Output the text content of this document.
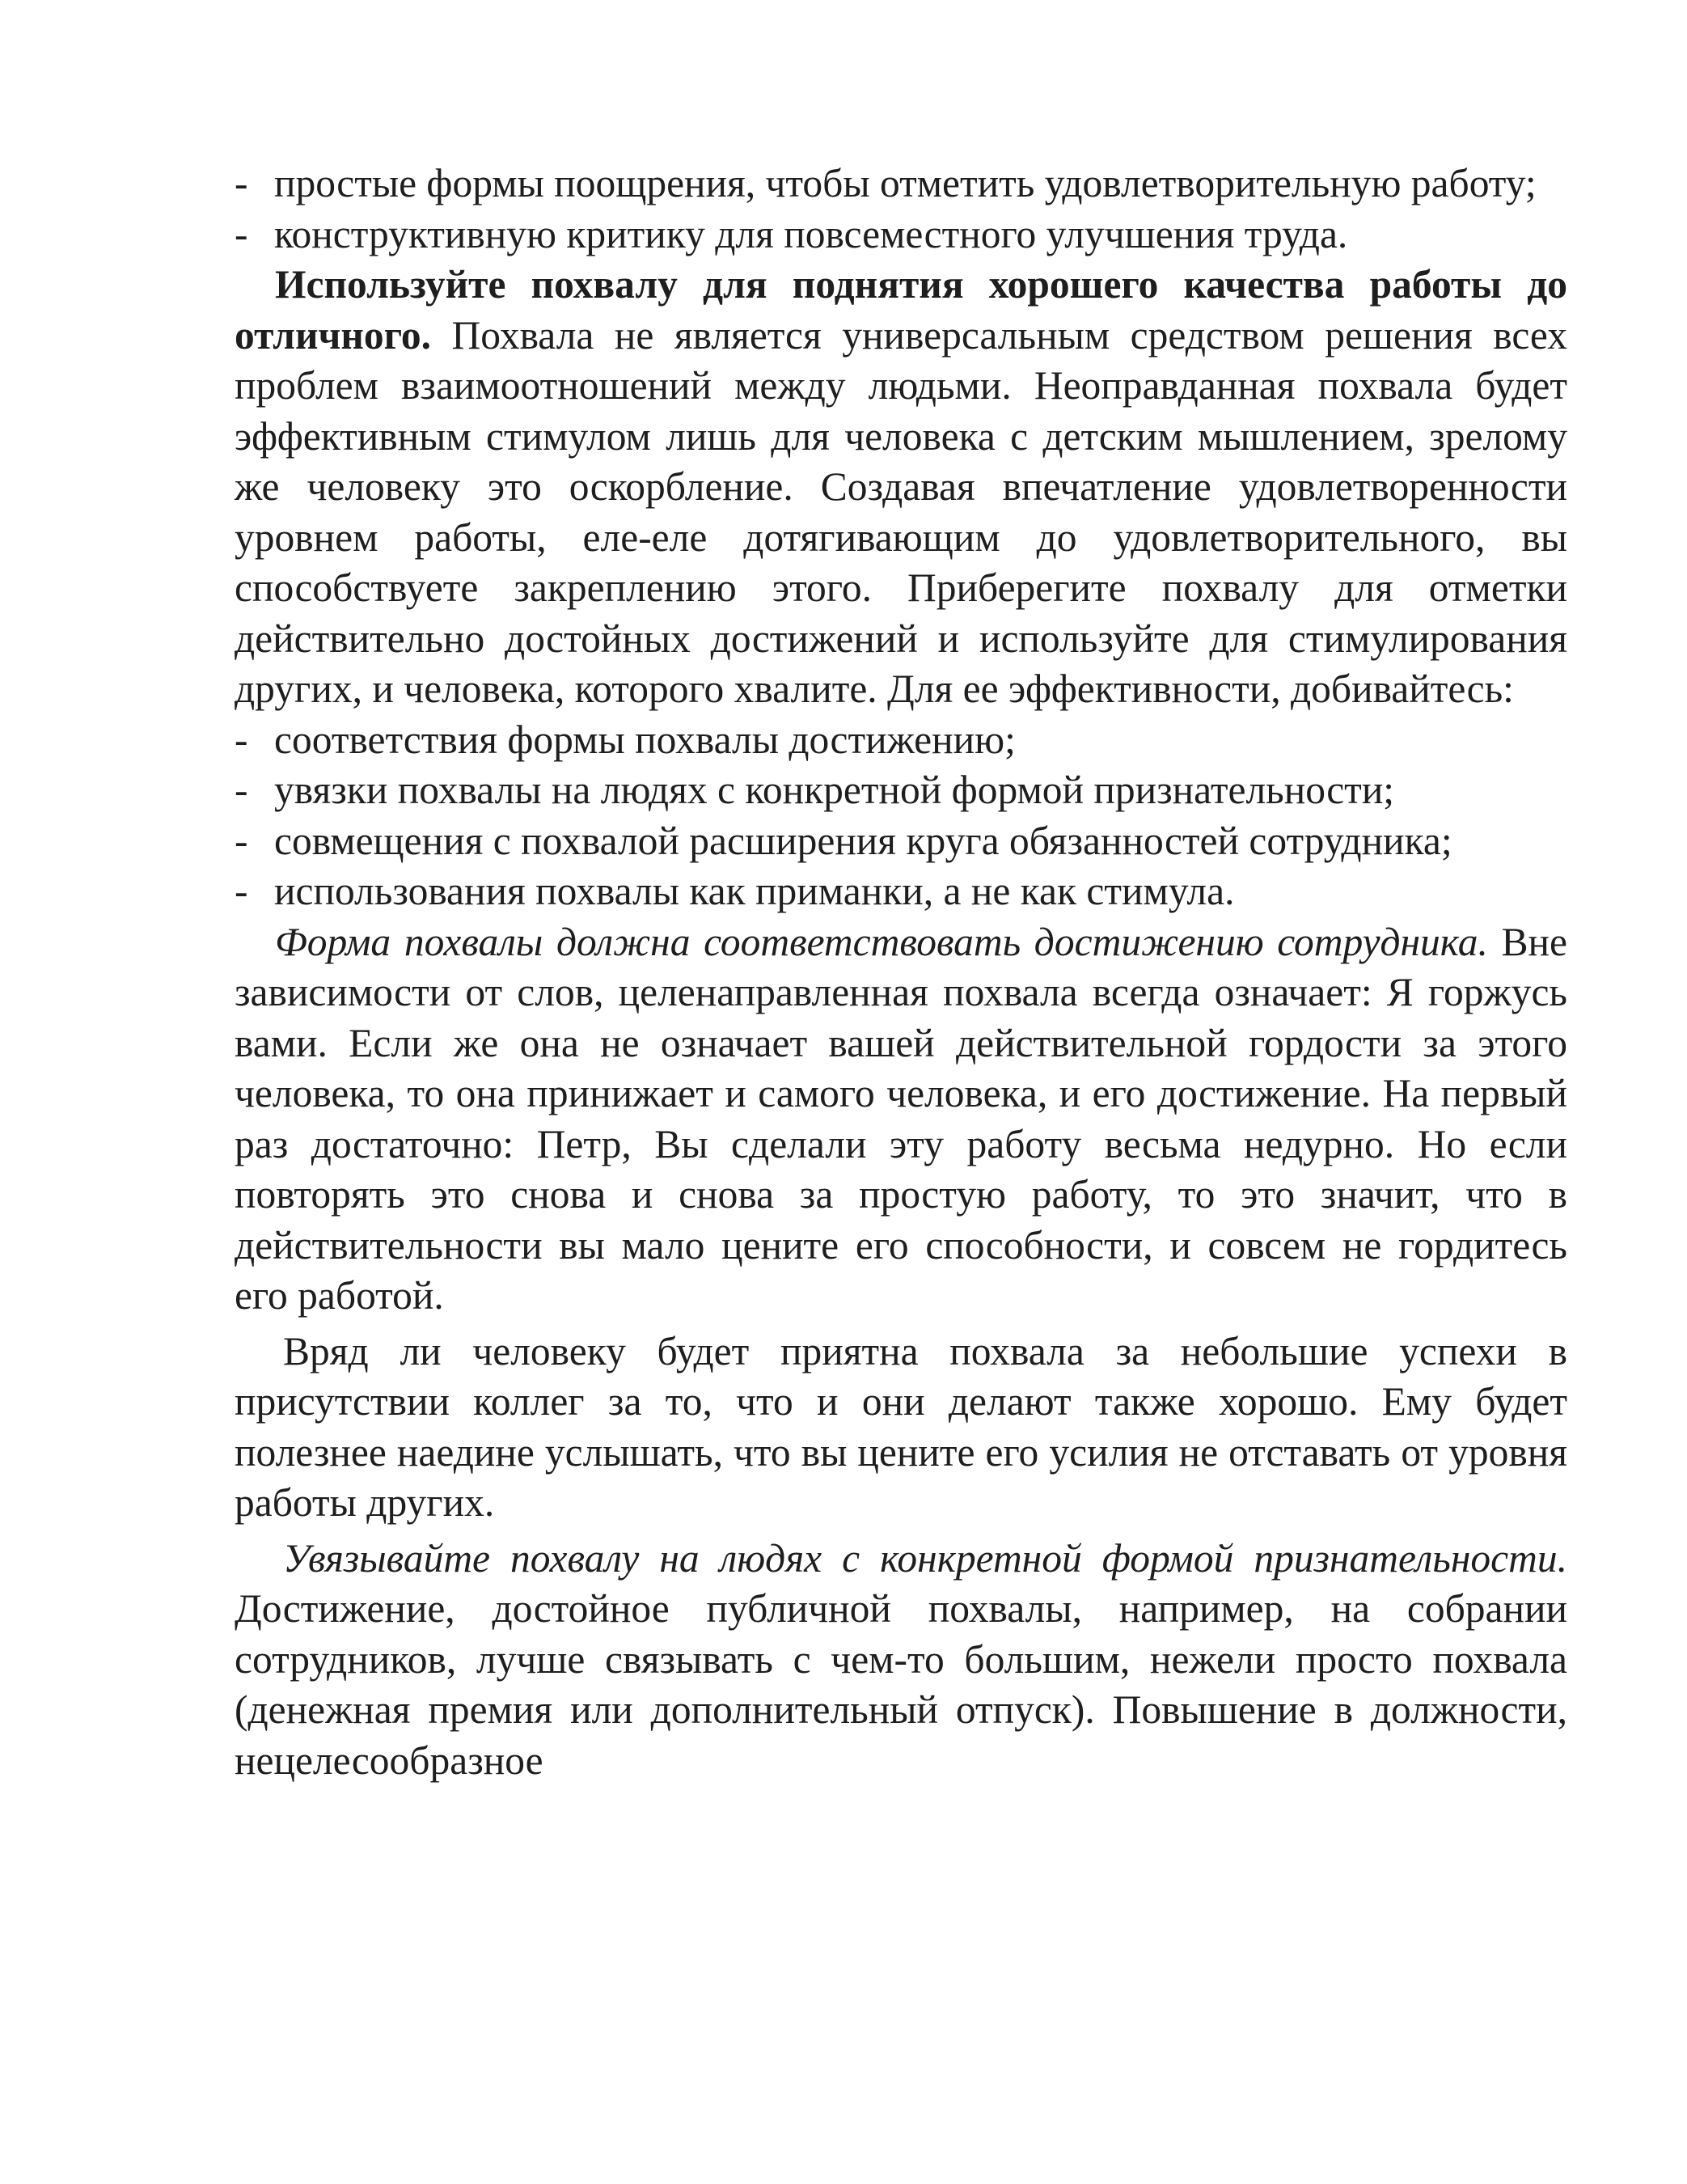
- простые формы поощрения, чтобы отметить удовлетворительную работу;
- конструктивную критику для повсеместного улучшения труда.

Используйте похвалу для поднятия хорошего качества работы до отличного. Похвала не является универсальным средством решения всех проблем взаимоотношений между людьми. Неоправданная похвала будет эффективным стимулом лишь для человека с детским мышлением, зрелому же человеку это оскорбление. Создавая впечатление удовлетворенности уровнем работы, еле-еле дотягивающим до удовлетворительного, вы способствуете закреплению этого. Приберегите похвалу для отметки действительно достойных достижений и используйте для стимулирования других, и человека, которого хвалите. Для ее эффективности, добивайтесь:

- соответствия формы похвалы достижению;
- увязки похвалы на людях с конкретной формой признательности;
- совмещения с похвалой расширения круга обязанностей сотрудника;
- использования похвалы как приманки, а не как стимула.

Форма похвалы должна соответствовать достижению сотрудника. Вне зависимости от слов, целенаправленная похвала всегда означает: Я горжусь вами. Если же она не означает вашей действительной гордости за этого человека, то она принижает и самого человека, и его достижение. На первый раз достаточно: Петр, Вы сделали эту работу весьма недурно. Но если повторять это снова и снова за простую работу, то это значит, что в действительности вы мало цените его способности, и совсем не гордитесь его работой.

Вряд ли человеку будет приятна похвала за небольшие успехи в присутствии коллег за то, что и они делают также хорошо. Ему будет полезнее наедине услышать, что вы цените его усилия не отставать от уровня работы других.

Увязывайте похвалу на людях с конкретной формой признательности. Достижение, достойное публичной похвалы, например, на собрании сотрудников, лучше связывать с чем-то большим, нежели просто похвала (денежная премия или дополнительный отпуск). Повышение в должности, нецелесообразное
